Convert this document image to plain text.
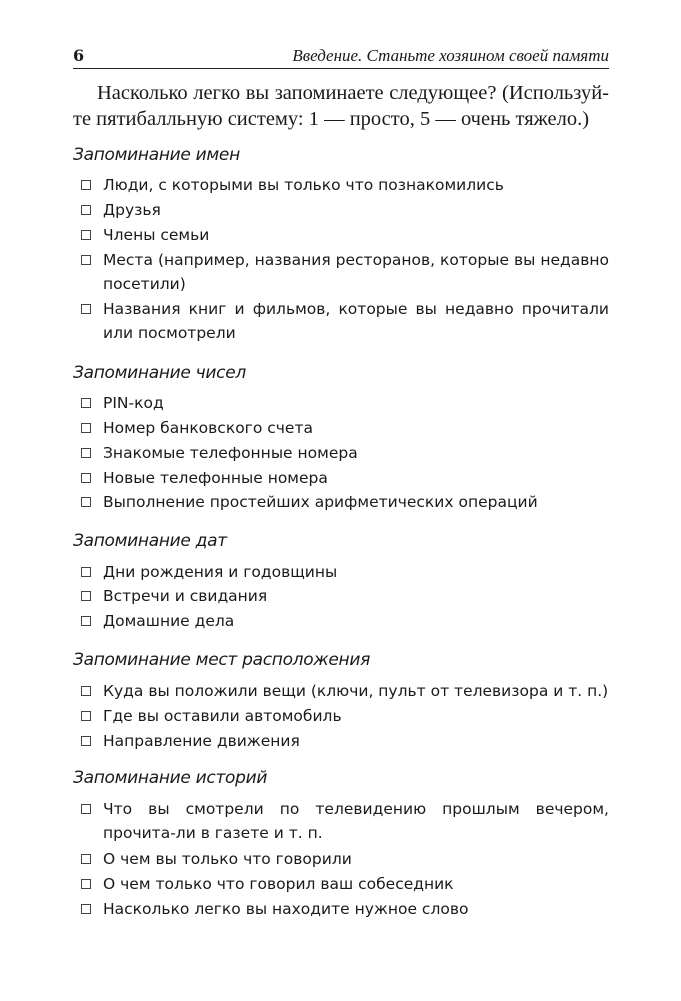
6	Введение. Станьте хозяином своей памяти
Насколько легко вы запоминаете следующее? (Используй-те пятибалльную систему: 1 — просто, 5 — очень тяжело.)
Запоминание имен
Люди, с которыми вы только что познакомились
Друзья
Члены семьи
Места (например, названия ресторанов, которые вы недавно посетили)
Названия книг и фильмов, которые вы недавно прочитали или посмотрели
Запоминание чисел
PIN-код
Номер банковского счета
Знакомые телефонные номера
Новые телефонные номера
Выполнение простейших арифметических операций
Запоминание дат
Дни рождения и годовщины
Встречи и свидания
Домашние дела
Запоминание мест расположения
Куда вы положили вещи (ключи, пульт от телевизора и т. п.)
Где вы оставили автомобиль
Направление движения
Запоминание историй
Что вы смотрели по телевидению прошлым вечером, прочита-ли в газете и т. п.
О чем вы только что говорили
О чем только что говорил ваш собеседник
Насколько легко вы находите нужное слово
